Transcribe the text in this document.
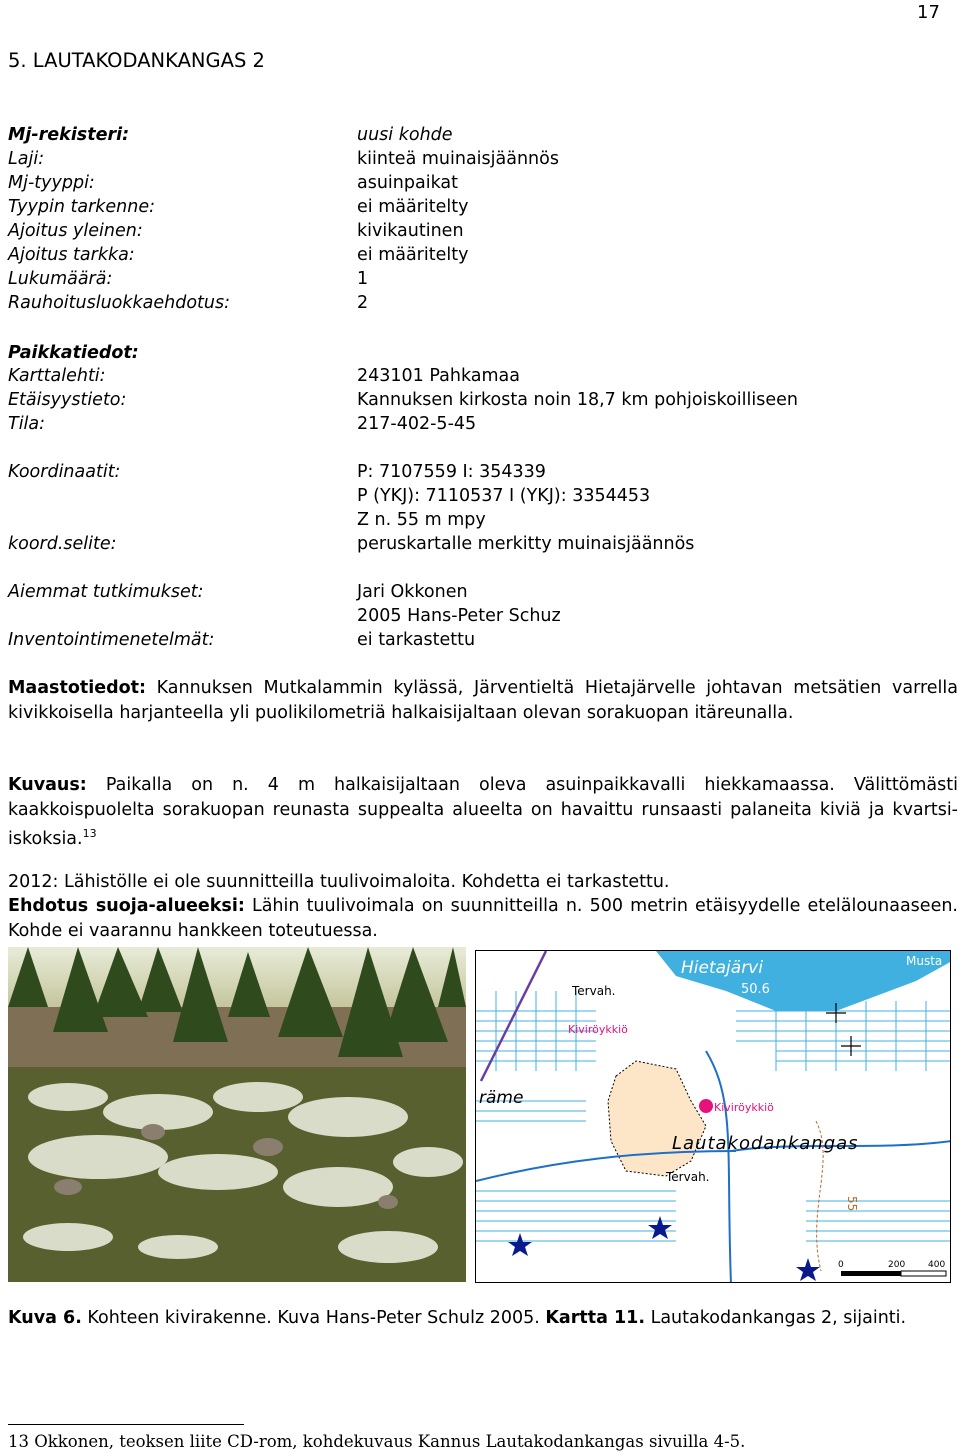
17
5. LAUTAKODANKANGAS 2
Mj-rekisteri:	uusi kohde
Laji:	kiinteä muinaisjäännös
Mj-tyyppi:	asuinpaikat
Tyypin tarkenne:	ei määritelty
Ajoitus yleinen:	kivikautinen
Ajoitus tarkka:	ei määritelty
Lukumäärä:	1
Rauhoitusluokkaehdotus:	2
Paikkatiedot:
Karttalehti:	243101 Pahkamaa
Etäisyystieto:	Kannuksen kirkosta noin 18,7 km pohjoiskoilliseen
Tila:	217-402-5-45
Koordinaatit:	P: 7107559 I: 354339
P (YKJ): 7110537 I (YKJ): 3354453
Z n. 55 m mpy
koord.selite:	peruskartalle merkitty muinaisjäännös
Aiemmat tutkimukset:	Jari Okkonen
2005 Hans-Peter Schuz
Inventointimenetelmät:	ei tarkastettu
Maastotiedot: Kannuksen Mutkalammin kylässä, Järventieltä Hietajärvelle johtavan metsätien varrella kivikkoisella harjanteella yli puolikilometriä halkaisijaltaan olevan sorakuopan itäreunalla.
Kuvaus: Paikalla on n. 4 m halkaisijaltaan oleva asuinpaikkavalli hiekkamaassa. Välittömästi kaakkoispuolelta sorakuopan reunasta suppealta alueelta on havaittu runsaasti palaneita kiviä ja kvartsi-iskoksia.$^{13}$
2012: Lähistölle ei ole suunnitteilla tuulivoimaloita. Kohdetta ei tarkastettu.
Ehdotus suoja-alueeksi: Lähin tuulivoimala on suunnitteilla n. 500 metrin etäisyydelle etelälounaaseen. Kohde ei vaarannu hankkeen toteutuessa.
Hietajärvi
50.6
Musta
Tervah.
Kiviröykkiö
räme	Kiviröykkiö
Lautakodankangas
Tervah.
55
0	200	400
Kuva 6. Kohteen kivirakenne. Kuva Hans-Peter Schulz 2005. Kartta 11. Lautakodankangas 2, sijainti.
13 Okkonen, teoksen liite CD-rom, kohdekuvaus Kannus Lautakodankangas sivuilla 4-5.
